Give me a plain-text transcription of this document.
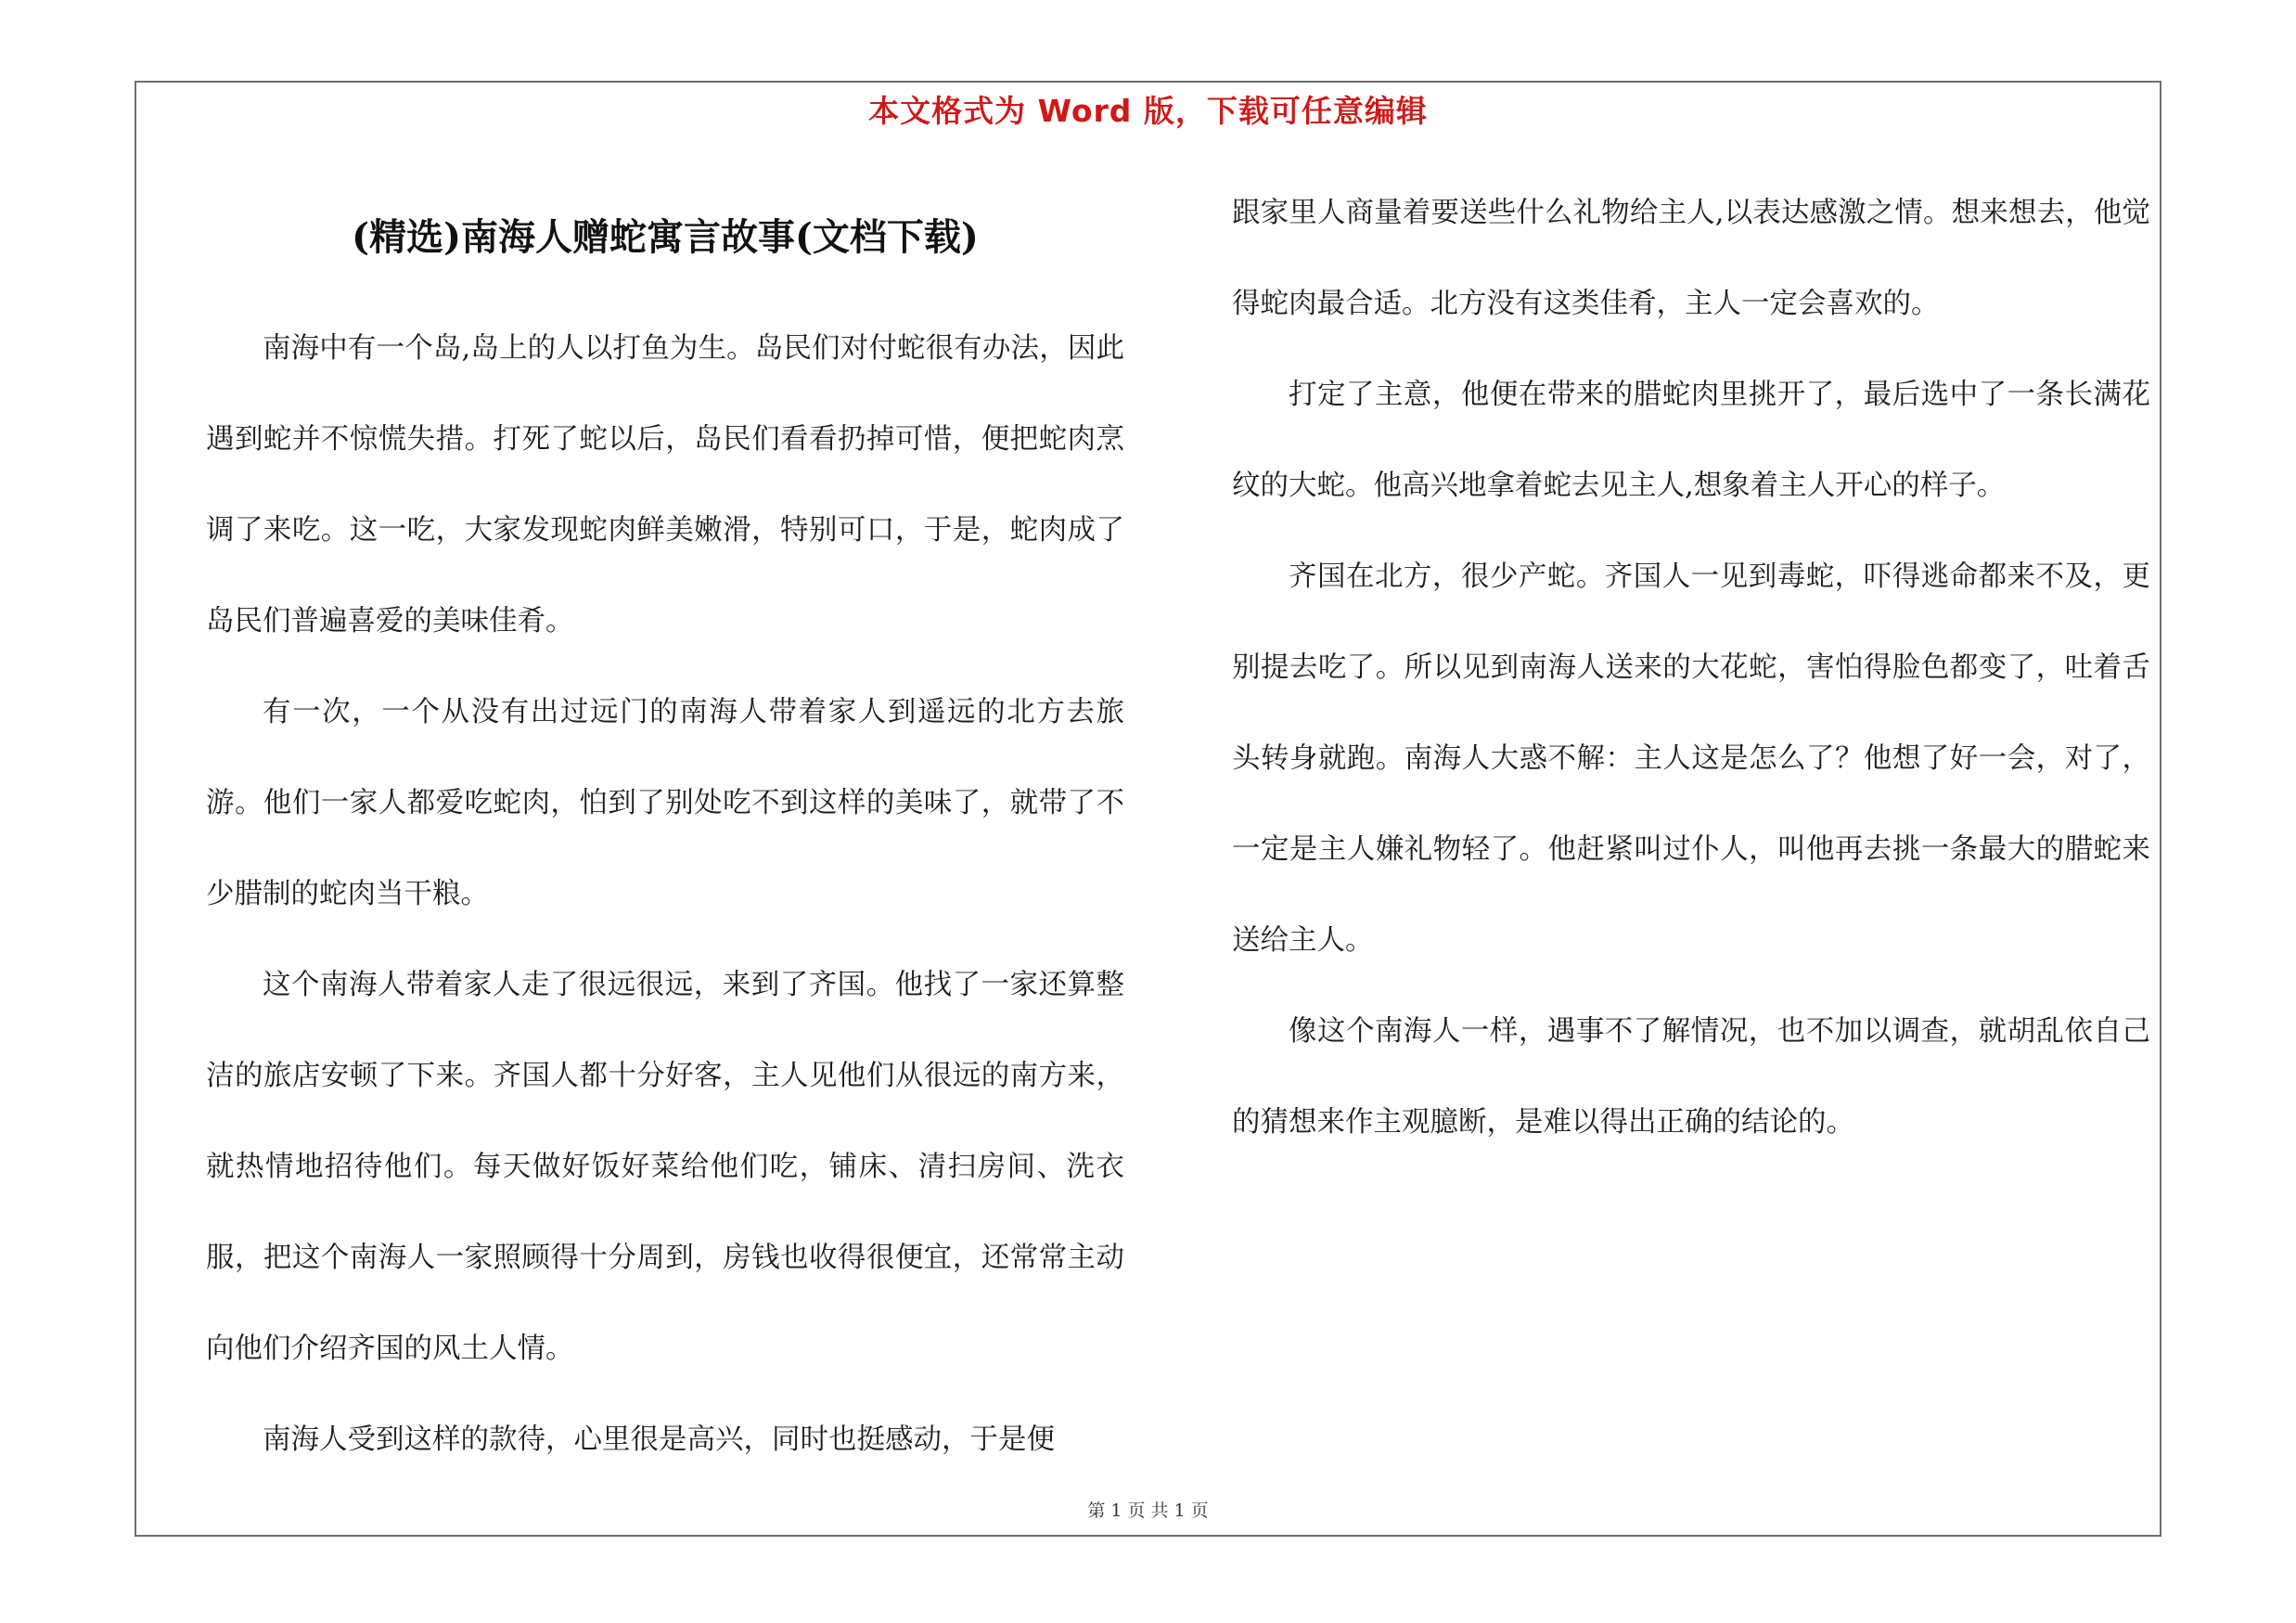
本文格式为 Word 版，下载可任意编辑
(精选)南海人赠蛇寓言故事(文档下载)

南海中有一个岛,岛上的人以打鱼为生。岛民们对付蛇很有办法，因此遇到蛇并不惊慌失措。打死了蛇以后，岛民们看看扔掉可惜，便把蛇肉烹调了来吃。这一吃，大家发现蛇肉鲜美嫩滑，特别可口，于是，蛇肉成了岛民们普遍喜爱的美味佳肴。

有一次，一个从没有出过远门的南海人带着家人到遥远的北方去旅游。他们一家人都爱吃蛇肉，怕到了别处吃不到这样的美味了，就带了不少腊制的蛇肉当干粮。

这个南海人带着家人走了很远很远，来到了齐国。他找了一家还算整洁的旅店安顿了下来。齐国人都十分好客，主人见他们从很远的南方来，就热情地招待他们。每天做好饭好菜给他们吃，铺床、清扫房间、洗衣服，把这个南海人一家照顾得十分周到，房钱也收得很便宜，还常常主动向他们介绍齐国的风土人情。

南海人受到这样的款待，心里很是高兴，同时也挺感动，于是便

跟家里人商量着要送些什么礼物给主人,以表达感激之情。想来想去，他觉得蛇肉最合适。北方没有这类佳肴，主人一定会喜欢的。

打定了主意，他便在带来的腊蛇肉里挑开了，最后选中了一条长满花纹的大蛇。他高兴地拿着蛇去见主人,想象着主人开心的样子。

齐国在北方，很少产蛇。齐国人一见到毒蛇，吓得逃命都来不及，更别提去吃了。所以见到南海人送来的大花蛇，害怕得脸色都变了，吐着舌头转身就跑。南海人大惑不解：主人这是怎么了？他想了好一会，对了，一定是主人嫌礼物轻了。他赶紧叫过仆人，叫他再去挑一条最大的腊蛇来送给主人。

像这个南海人一样，遇事不了解情况，也不加以调查，就胡乱依自己的猜想来作主观臆断，是难以得出正确的结论的。

第 1 页 共 1 页
